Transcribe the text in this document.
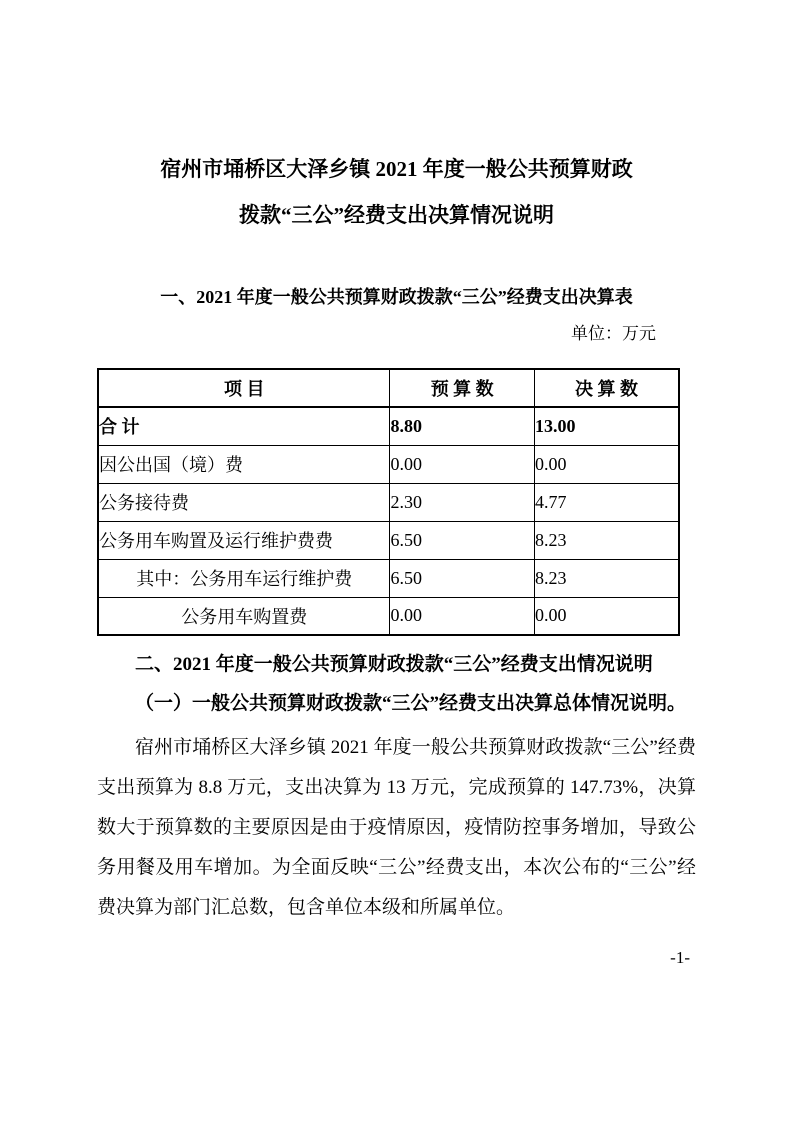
宿州市埇桥区大泽乡镇 2021 年度一般公共预算财政
拨款“三公”经费支出决算情况说明
一、2021 年度一般公共预算财政拨款“三公”经费支出决算表
单位：万元
项 目	预 算 数	决 算 数
合 计	8.80	13.00
因公出国（境）费	0.00	0.00
公务接待费	2.30	4.77
公务用车购置及运行维护费费	6.50	8.23
其中：公务用车运行维护费	6.50	8.23
公务用车购置费	0.00	0.00
二、2021 年度一般公共预算财政拨款“三公”经费支出情况说明
（一）一般公共预算财政拨款“三公”经费支出决算总体情况说明。
宿州市埇桥区大泽乡镇 2021 年度一般公共预算财政拨款“三公”经费支出预算为 8.8 万元，支出决算为 13 万元，完成预算的 147.73%，决算数大于预算数的主要原因是由于疫情原因，疫情防控事务增加，导致公务用餐及用车增加。为全面反映“三公”经费支出，本次公布的“三公”经费决算为部门汇总数，包含单位本级和所属单位。
-1-
